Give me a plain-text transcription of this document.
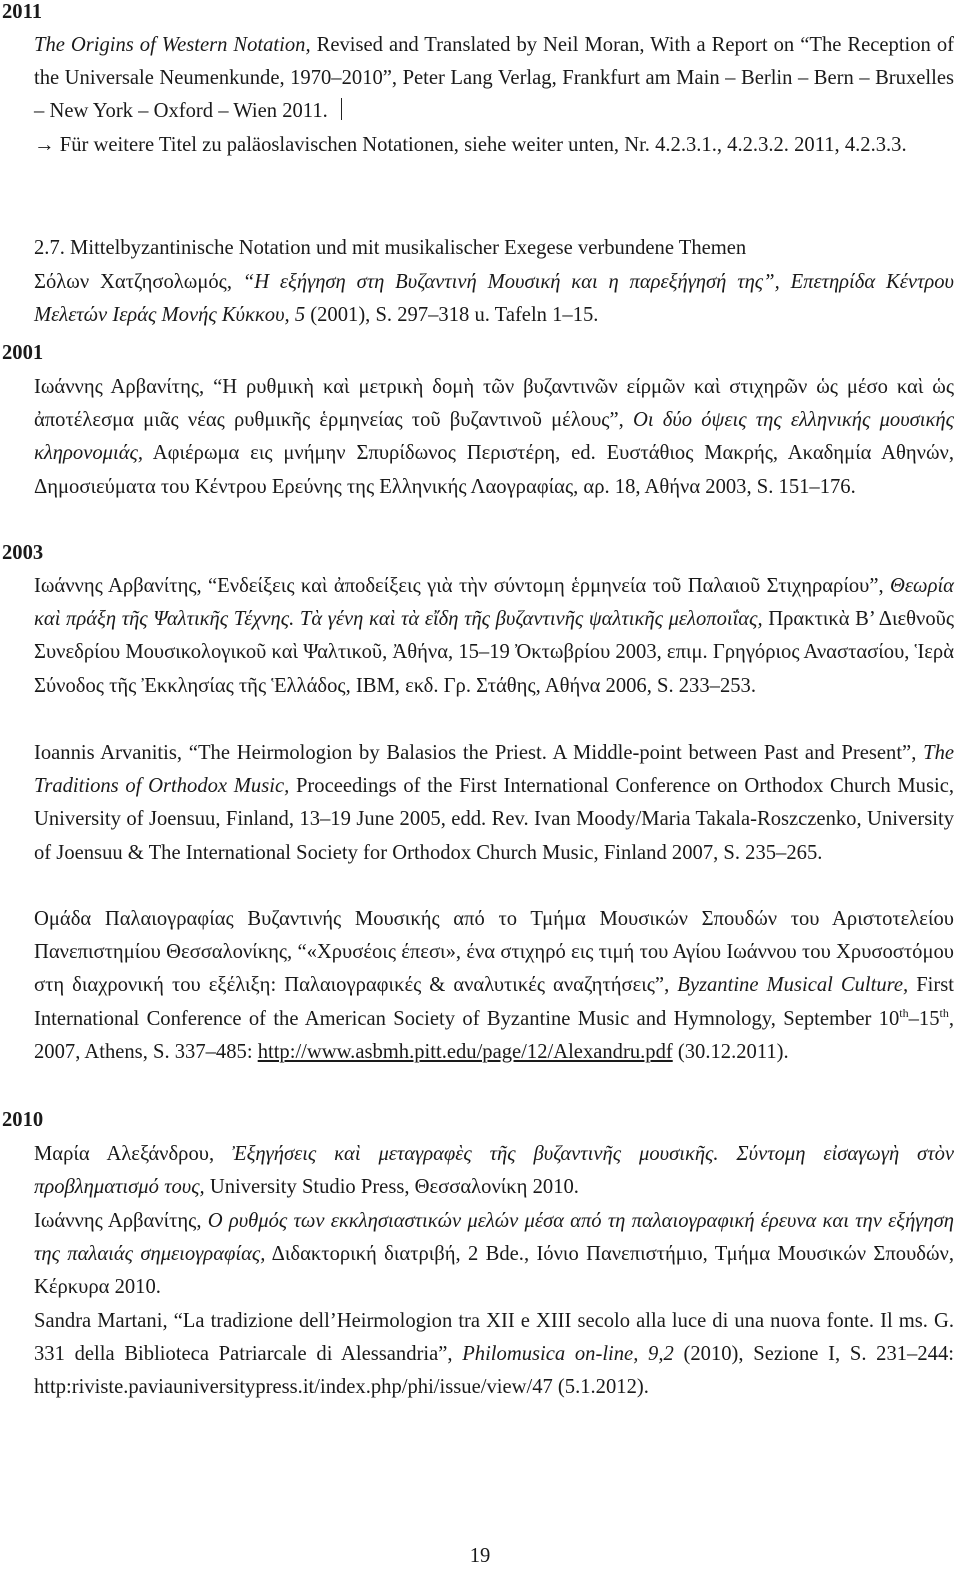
2011
The Origins of Western Notation, Revised and Translated by Neil Moran, With a Report on “The Reception of the Universale Neumenkunde, 1970–2010”, Peter Lang Verlag, Frankfurt am Main – Berlin – Bern – Bruxelles – New York – Oxford – Wien 2011.
→ Für weitere Titel zu paläoslavischen Notationen, siehe weiter unten, Nr. 4.2.3.1., 4.2.3.2. 2011, 4.2.3.3.
2.7. Mittelbyzantinische Notation und mit musikalischer Exegese verbundene Themen
Σόλων Χατζησολωμός, “Η εξήγηση στη Βυζαντινή Μουσική και η παρεξήγησή της”, Επετηρίδα Κέντρου Μελετών Ιεράς Μονής Κύκκου, 5 (2001), S. 297–318 u. Tafeln 1–15.
2001
Ιωάννης Αρβανίτης, “Η ρυθμικὴ καὶ μετρικὴ δομὴ τῶν βυζαντινῶν είρμῶν καὶ στιχηρῶν ὡς μέσο καὶ ὡς ἀποτέλεσμα μιᾶς νέας ρυθμικῆς ἑρμηνείας τοῦ βυζαντινοῦ μέλους”, Οι δύο όψεις της ελληνικής μουσικής κληρονομιάς, Αφιέρωμα εις μνήμην Σπυρίδωνος Περιστέρη, ed. Ευστάθιος Μακρής, Ακαδημία Αθηνών, Δημοσιεύματα του Κέντρου Ερεύνης της Ελληνικής Λαογραφίας, αρ. 18, Αθήνα 2003, S. 151–176.
2003
Ιωάννης Αρβανίτης, “Ενδείξεις καὶ ἀποδείξεις γιὰ τὴν σύντομη ἑρμηνεία τοῦ Παλαιοῦ Στιχηραρίου”, Θεωρία καὶ πράξη τῆς Ψαλτικῆς Τέχνης. Τὰ γένη καὶ τὰ εἴδη τῆς βυζαντινῆς ψαλτικῆς μελοποιΐας, Πρακτικὰ Β’ Διεθνοῦς Συνεδρίου Μουσικολογικοῦ καὶ Ψαλτικοῦ, Ἀθήνα, 15–19 Ὀκτωβρίου 2003, επιμ. Γρηγόριος Αναστασίου, Ἱερὰ Σύνοδος τῆς Ἐκκλησίας τῆς Ἑλλάδος, IBM, εκδ. Γρ. Στάθης, Αθήνα 2006, S. 233–253.
Ioannis Arvanitis, “The Heirmologion by Balasios the Priest. A Middle-point between Past and Present”, The Traditions of Orthodox Music, Proceedings of the First International Conference on Orthodox Church Music, University of Joensuu, Finland, 13–19 June 2005, edd. Rev. Ivan Moody/Maria Takala-Roszczenko, University of Joensuu & The International Society for Orthodox Church Music, Finland 2007, S. 235–265.
Ομάδα Παλαιογραφίας Βυζαντινής Μουσικής από το Τμήμα Μουσικών Σπουδών του Αριστοτελείου Πανεπιστημίου Θεσσαλονίκης, “«Χρυσέοις έπεσι», ένα στιχηρό εις τιμή του Αγίου Ιωάννου του Χρυσοστόμου στη διαχρονική του εξέλιξη: Παλαιογραφικές & αναλυτικές αναζητήσεις”, Byzantine Musical Culture, First International Conference of the American Society of Byzantine Music and Hymnology, September 10th–15th, 2007, Athens, S. 337–485: http://www.asbmh.pitt.edu/page/12/Alexandru.pdf (30.12.2011).
2010
Μαρία Αλεξάνδρου, Ἐξηγήσεις καὶ μεταγραφὲς τῆς βυζαντινῆς μουσικῆς. Σύντομη εἰσαγωγὴ στὸν προβληματισμό τους, University Studio Press, Θεσσαλονίκη 2010.
Ιωάννης Αρβανίτης, Ο ρυθμός των εκκλησιαστικών μελών μέσα από τη παλαιογραφική έρευνα και την εξήγηση της παλαιάς σημειογραφίας, Διδακτορική διατριβή, 2 Bde., Ιόνιο Πανεπιστήμιο, Τμήμα Μουσικών Σπουδών, Κέρκυρα 2010.
Sandra Martani, “La tradizione dell’Heirmologion tra XII e XIII secolo alla luce di una nuova fonte. Il ms. G. 331 della Biblioteca Patriarcale di Alessandria”, Philomusica on-line, 9,2 (2010), Sezione I, S. 231–244: http:riviste.paviauniversitypress.it/index.php/phi/issue/view/47 (5.1.2012).
19
